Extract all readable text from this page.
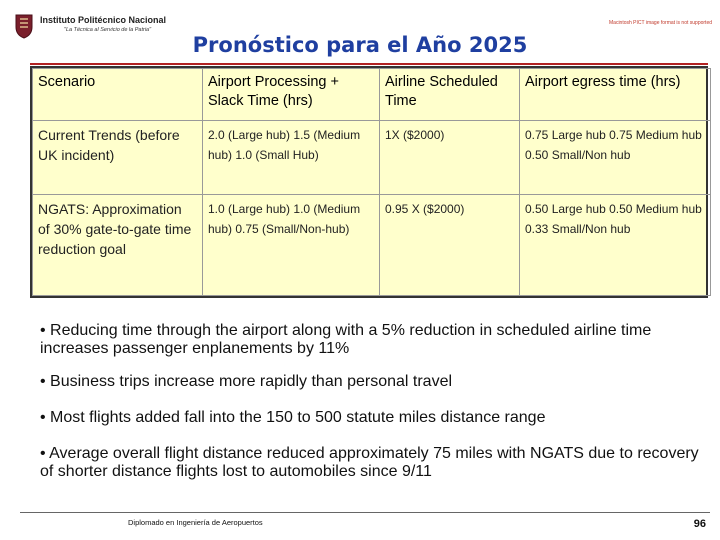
Instituto Politécnico Nacional
"La Técnica al Servicio de la Patria"
Macintosh PICT image format is not supported
Pronóstico para el Año 2025
Scenario	Airport Processing + Slack Time (hrs)	Airline Scheduled Time	Airport egress time (hrs)
Current Trends (before UK incident)	2.0 (Large hub) 1.5 (Medium hub) 1.0 (Small Hub)	1X ($2000)	0.75 Large hub 0.75 Medium hub 0.50 Small/Non hub
NGATS: Approximation of 30% gate-to-gate time reduction goal	1.0 (Large hub) 1.0 (Medium hub) 0.75 (Small/Non-hub)	0.95 X ($2000)	0.50 Large hub 0.50 Medium hub 0.33 Small/Non hub
• Reducing time through the airport along with a 5% reduction in scheduled airline time increases passenger enplanements by 11%
• Business trips increase more rapidly than personal travel
• Most flights added fall into the 150 to 500 statute miles distance range
• Average overall flight distance reduced approximately 75 miles with NGATS due to recovery of shorter distance flights lost to automobiles since 9/11
Diplomado en Ingeniería de Aeropuertos	96
